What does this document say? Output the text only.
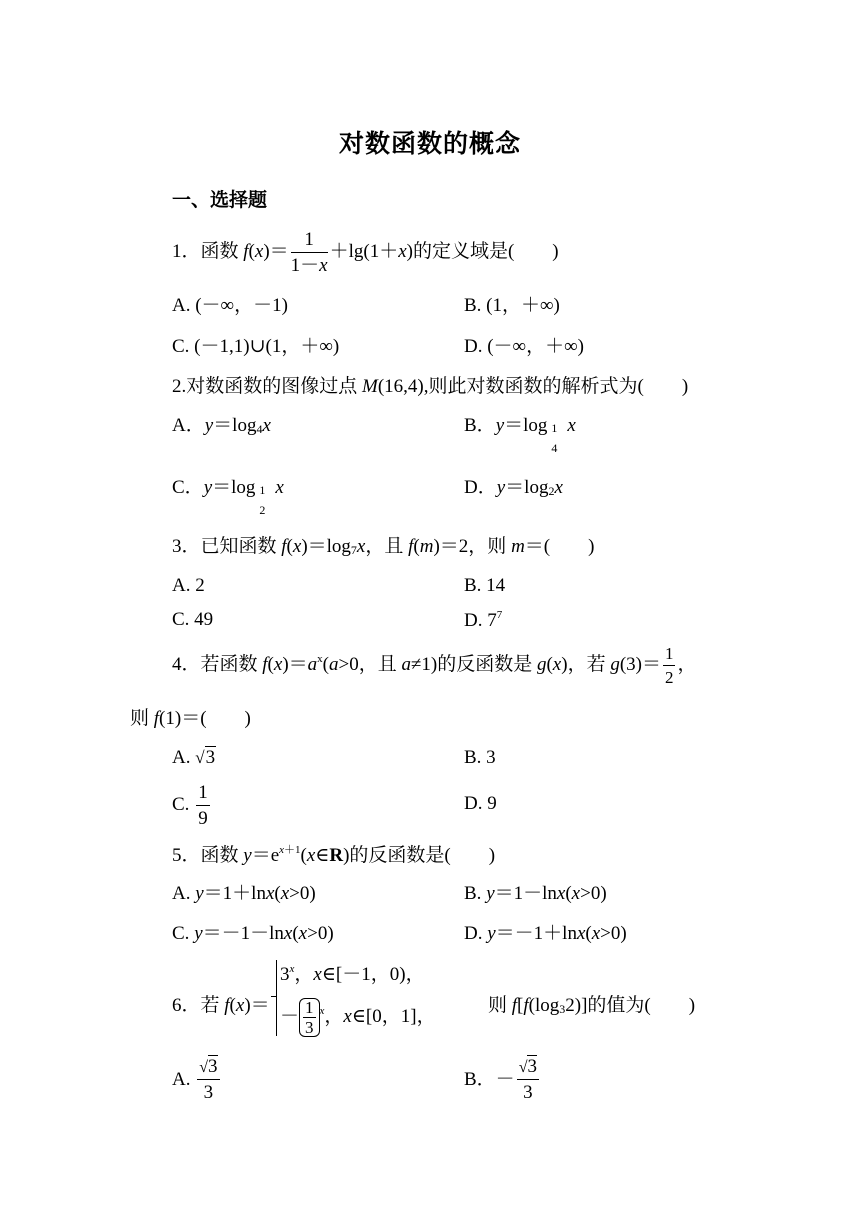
对数函数的概念
一、选择题
1．函数 $f(x)= \frac{1}{1-x} +\lg(1+x)$的定义域是(　　)
A. (－∞，－1)	B. (1，＋∞)
C. (－1,1)∪(1，＋∞)	D. (－∞，＋∞)
2.对数函数的图像过点 M(16,4),则此对数函数的解析式为(　　)
A．$y=\log_4x$	B．y＝log 1
4
x
C．y＝log 1
2
x	D．$y=\log_2x$
3．已知函数 $f(x)=\log_7x$，且 f(m)＝2，则 m＝(　　)
A. 2	B. 14
C. 49	D. $7^7$
4．若函数 $f(x)=a^x(a>0$，且 a≠1)的反函数是 g(x)，若 $g(3)= \frac{1}{2}$ ，
则 f(1)＝(　　)
A. √3	B. 3
C. $\frac{1}{9}$	D. 9
5．函数 $y=e^{x+1}(x\in R)$的反函数是(　　)
A. y＝1＋lnx(x>0)	B. y＝1－lnx(x>0)
C. y＝－1－lnx(x>0)	D. y＝－1＋lnx(x>0)
6．若 f(x)＝
$3^x$，x∈[－1，0)，
－ $\frac{1}{3} ^x$，x∈[0，1]，
则 $f[f(\log_32)]$的值为(　　)
A. $\frac{√3}{3}$	B．－ $\frac{√3}{3}$
